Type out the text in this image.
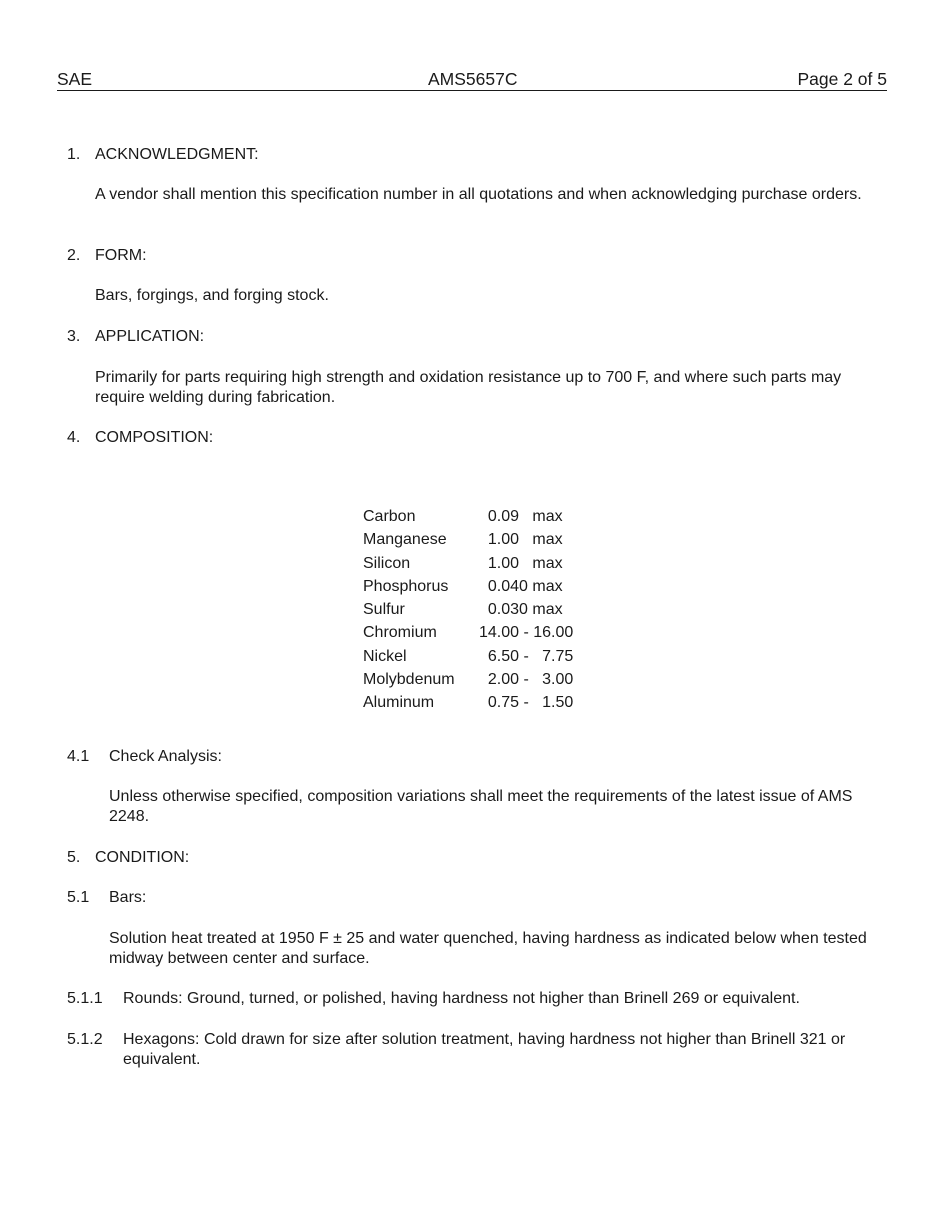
SAE	AMS5657C	Page 2 of 5
1. ACKNOWLEDGMENT:
A vendor shall mention this specification number in all quotations and when acknowledging purchase orders.
2. FORM:
Bars, forgings, and forging stock.
3. APPLICATION:
Primarily for parts requiring high strength and oxidation resistance up to 700 F, and where such parts may require welding during fabrication.
4. COMPOSITION:
Carbon	0.09   max
Manganese	1.00   max
Silicon	1.00   max
Phosphorus	0.040 max
Sulfur	0.030 max
Chromium	14.00 - 16.00
Nickel	6.50 -   7.75
Molybdenum	2.00 -   3.00
Aluminum	0.75 -   1.50
4.1 Check Analysis:
Unless otherwise specified, composition variations shall meet the requirements of the latest issue of AMS 2248.
5. CONDITION:
5.1 Bars:
Solution heat treated at 1950 F ± 25 and water quenched, having hardness as indicated below when tested midway between center and surface.
5.1.1 Rounds: Ground, turned, or polished, having hardness not higher than Brinell 269 or equivalent.
5.1.2 Hexagons: Cold drawn for size after solution treatment, having hardness not higher than Brinell 321 or equivalent.
